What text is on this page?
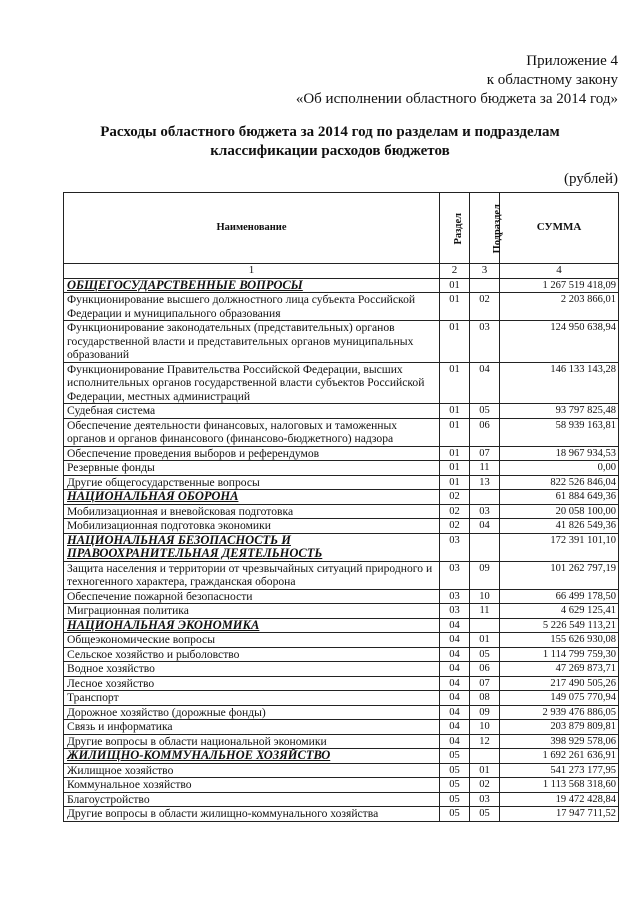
Приложение 4
к областному закону
«Об исполнении областного бюджета за 2014 год»
Расходы областного бюджета за 2014 год по разделам и подразделам
классификации расходов бюджетов
(рублей)
Наименование	Раздел	Подраздел	СУММА
1	2	3	4
ОБЩЕГОСУДАРСТВЕННЫЕ ВОПРОСЫ	01		1 267 519 418,09
Функционирование высшего должностного лица субъекта Российской Федерации и муниципального образования	01	02	2 203 866,01
Функционирование законодательных (представительных) органов государственной власти и представительных органов муниципальных образований	01	03	124 950 638,94
Функционирование Правительства Российской Федерации, высших исполнительных органов государственной власти субъектов Российской Федерации, местных администраций	01	04	146 133 143,28
Судебная система	01	05	93 797 825,48
Обеспечение деятельности финансовых, налоговых и таможенных органов и органов финансового (финансово-бюджетного) надзора	01	06	58 939 163,81
Обеспечение проведения выборов и референдумов	01	07	18 967 934,53
Резервные фонды	01	11	0,00
Другие общегосударственные вопросы	01	13	822 526 846,04
НАЦИОНАЛЬНАЯ ОБОРОНА	02		61 884 649,36
Мобилизационная и вневойсковая подготовка	02	03	20 058 100,00
Мобилизационная подготовка экономики	02	04	41 826 549,36
НАЦИОНАЛЬНАЯ БЕЗОПАСНОСТЬ И ПРАВООХРАНИТЕЛЬНАЯ ДЕЯТЕЛЬНОСТЬ	03		172 391 101,10
Защита населения и территории от чрезвычайных ситуаций природного и техногенного характера, гражданская оборона	03	09	101 262 797,19
Обеспечение пожарной безопасности	03	10	66 499 178,50
Миграционная политика	03	11	4 629 125,41
НАЦИОНАЛЬНАЯ ЭКОНОМИКА	04		5 226 549 113,21
Общеэкономические вопросы	04	01	155 626 930,08
Сельское хозяйство и рыболовство	04	05	1 114 799 759,30
Водное хозяйство	04	06	47 269 873,71
Лесное хозяйство	04	07	217 490 505,26
Транспорт	04	08	149 075 770,94
Дорожное хозяйство (дорожные фонды)	04	09	2 939 476 886,05
Связь и информатика	04	10	203 879 809,81
Другие вопросы в области национальной экономики	04	12	398 929 578,06
ЖИЛИЩНО-КОММУНАЛЬНОЕ ХОЗЯЙСТВО	05		1 692 261 636,91
Жилищное хозяйство	05	01	541 273 177,95
Коммунальное хозяйство	05	02	1 113 568 318,60
Благоустройство	05	03	19 472 428,84
Другие вопросы в области жилищно-коммунального хозяйства	05	05	17 947 711,52
